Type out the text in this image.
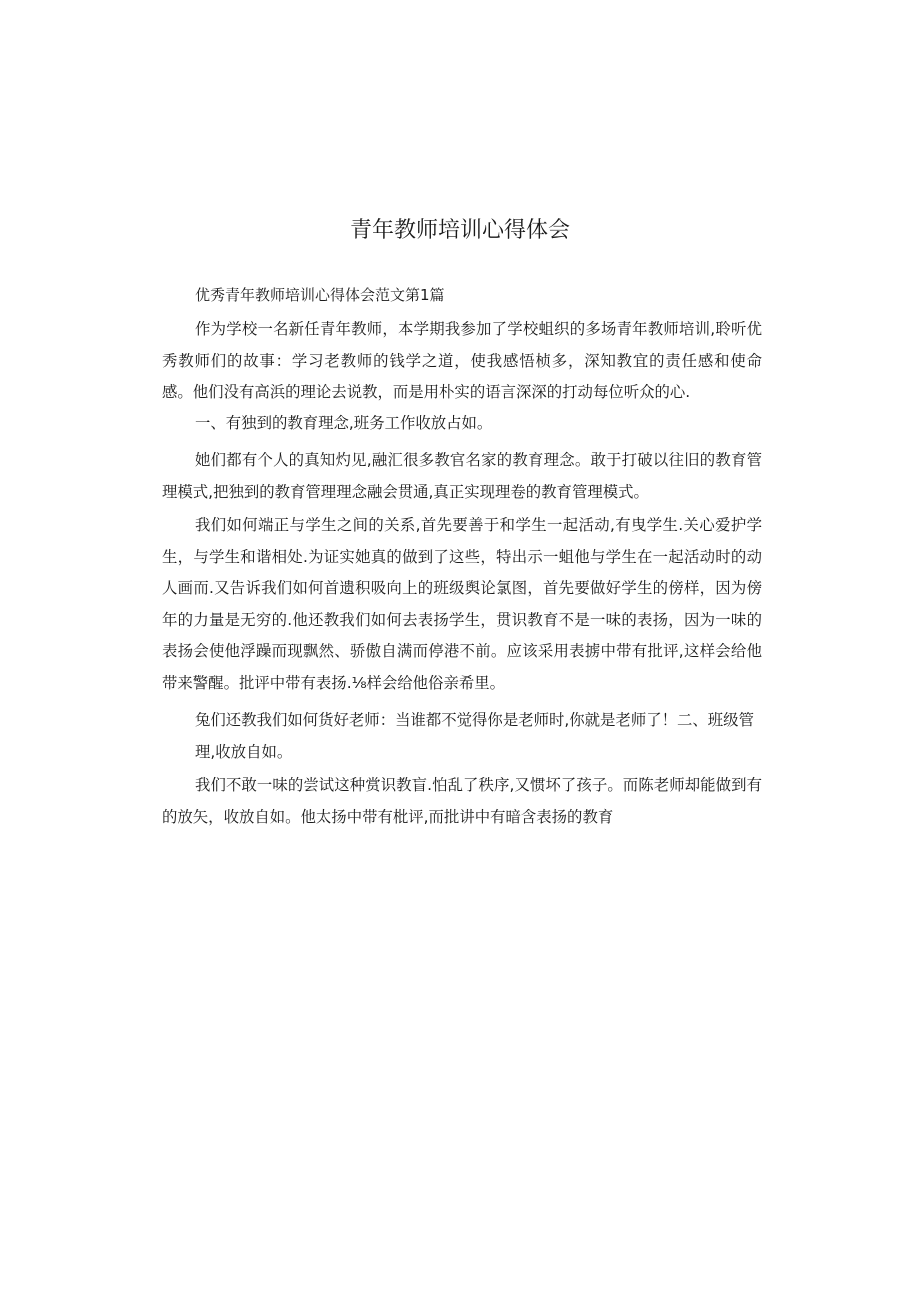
青年教师培训心得体会

优秀青年教师培训心得体会范文第1篇

作为学校一名新任青年教师，本学期我参加了学校蛆织的多场青年教师培训,聆听优秀教师们的故事：学习老教师的钱学之道，使我感悟桢多，深知教宜的责任感和使命感。他们没有高浜的理论去说教，而是用朴实的语言深深的打动每位听众的心.

一、有独到的教育理念,班务工作收放占如。

她们都有个人的真知灼见,融汇很多教官名家的教育理念。敢于打破以往旧的教育管理模式,把独到的教育管理理念融会贯通,真正实现理卷的教育管理模式。

我们如何端正与学生之间的关系,首先要善于和学生一起活动,有曳学生.关心爱护学生，与学生和谐相处.为证实她真的做到了这些，特出示一蛆他与学生在一起活动时的动人画而.又告诉我们如何首遗积吸向上的班级舆论氯图，首先要做好学生的傍样，因为傍年的力量是无穷的.他还教我们如何去表扬学生，贯识教育不是一味的表扬，因为一味的表扬会使他浮躁而现飘然、骄傲自满而停港不前。应该采用表掳中带有批评,这样会给他带来警醒。批评中带有表扬.⅛样会给他俗亲希里。

兔们还教我们如何货好老师：当谁都不觉得你是老师时,你就是老师了！二、班级管
理,收放自如。

我们不敢一味的尝试这种赏识教盲.怕乱了秩序,又惯坏了孩子。而陈老师却能做到有的放矢，收放自如。他太扬中带有枇评,而批讲中有暗含表扬的教育
